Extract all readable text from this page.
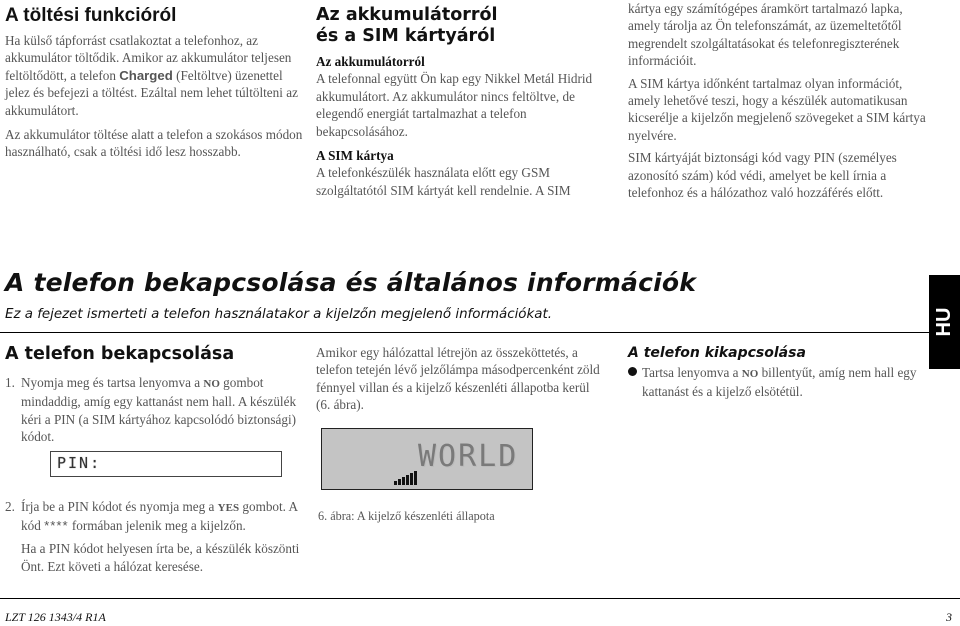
A töltési funkcióról

Ha külső tápforrást csatlakoztat a telefonhoz, az akkumulátor töltődik. Amikor az akkumulátor teljesen feltöltődött, a telefon Charged (Feltöltve) üzenettel jelez és befejezi a töltést. Ezáltal nem lehet túltölteni az akkumulátort.

Az akkumulátor töltése alatt a telefon a szokásos módon használható, csak a töltési idő lesz hosszabb.

Az akkumulátorról
és a SIM kártyáról

Az akkumulátorról

A telefonnal együtt Ön kap egy Nikkel Metál Hidrid akkumulátort. Az akkumulátor nincs feltöltve, de elegendő energiát tartalmazhat a telefon bekapcsolásához.

A SIM kártya

A telefonkészülék használata előtt egy GSM szolgáltatótól SIM kártyát kell rendelnie. A SIM

kártya egy számítógépes áramkört tartalmazó lapka, amely tárolja az Ön telefonszámát, az üzemeltetőtől megrendelt szolgáltatásokat és telefonregiszterének információit.

A SIM kártya időnként tartalmaz olyan információt, amely lehetővé teszi, hogy a készülék automatikusan kicserélje a kijelzőn megjelenő szövegeket a SIM kártya nyelvére.

SIM kártyáját biztonsági kód vagy PIN (személyes azonosító szám) kód védi, amelyet be kell írnia a telefonhoz és a hálózathoz való hozzáférés előtt.

A telefon bekapcsolása és általános információk
Ez a fejezet ismerteti a telefon használatakor a kijelzőn megjelenő információkat.	HU
A telefon bekapcsolása
1. Nyomja meg és tartsa lenyomva a NO gombot mindaddig, amíg egy kattanást nem hall. A készülék kéri a PIN (a SIM kártyához kapcsolódó biztonsági) kódot.
2. Írja be a PIN kódot és nyomja meg a YES gombot. A kód **** formában jelenik meg a kijelzőn.

Ha a PIN kódot helyesen írta be, a készülék köszönti Önt. Ezt követi a hálózat keresése.

PIN:

Amikor egy hálózattal létrejön az összeköttetés, a telefon tetején lévő jelzőlámpa másodpercenként zöld fénnyel villan és a kijelző készenléti állapotba kerül (6. ábra).

WORLD
6. ábra: A kijelző készenléti állapota
A telefon kikapcsolása
Tartsa lenyomva a NO billentyűt, amíg nem hall egy kattanást és a kijelző elsötétül.
LZT 126 1343/4 R1A	3
